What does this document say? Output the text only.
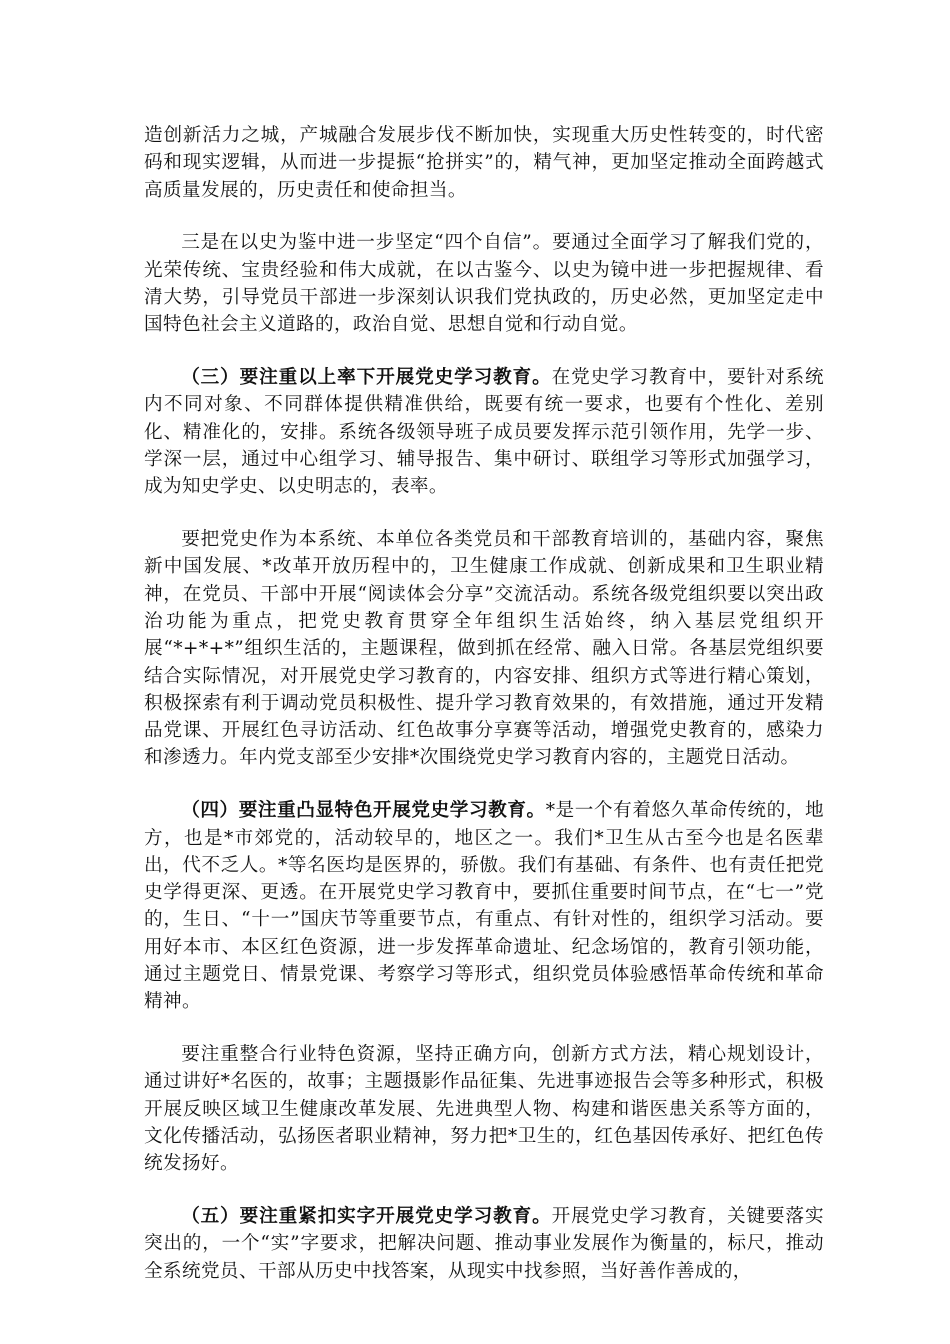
造创新活力之城，产城融合发展步伐不断加快，实现重大历史性转变的，时代密码和现实逻辑，从而进一步提振“抢拼实”的，精气神，更加坚定推动全面跨越式高质量发展的，历史责任和使命担当。

三是在以史为鉴中进一步坚定“四个自信”。要通过全面学习了解我们党的，光荣传统、宝贵经验和伟大成就，在以古鉴今、以史为镜中进一步把握规律、看清大势，引导党员干部进一步深刻认识我们党执政的，历史必然，更加坚定走中国特色社会主义道路的，政治自觉、思想自觉和行动自觉。

（三）要注重以上率下开展党史学习教育。在党史学习教育中，要针对系统内不同对象、不同群体提供精准供给，既要有统一要求，也要有个性化、差别化、精准化的，安排。系统各级领导班子成员要发挥示范引领作用，先学一步、学深一层，通过中心组学习、辅导报告、集中研讨、联组学习等形式加强学习，成为知史学史、以史明志的，表率。

要把党史作为本系统、本单位各类党员和干部教育培训的，基础内容，聚焦新中国发展、*改革开放历程中的，卫生健康工作成就、创新成果和卫生职业精神，在党员、干部中开展“阅读体会分享”交流活动。系统各级党组织要以突出政治功能为重点，把党史教育贯穿全年组织生活始终，纳入基层党组织开展“*+*+*”组织生活的，主题课程，做到抓在经常、融入日常。各基层党组织要结合实际情况，对开展党史学习教育的，内容安排、组织方式等进行精心策划，积极探索有利于调动党员积极性、提升学习教育效果的，有效措施，通过开发精品党课、开展红色寻访活动、红色故事分享赛等活动，增强党史教育的，感染力和渗透力。年内党支部至少安排*次围绕党史学习教育内容的，主题党日活动。

（四）要注重凸显特色开展党史学习教育。*是一个有着悠久革命传统的，地方，也是*市郊党的，活动较早的，地区之一。我们*卫生从古至今也是名医辈出，代不乏人。*等名医均是医界的，骄傲。我们有基础、有条件、也有责任把党史学得更深、更透。在开展党史学习教育中，要抓住重要时间节点，在“七一”党的，生日、“十一”国庆节等重要节点，有重点、有针对性的，组织学习活动。要用好本市、本区红色资源，进一步发挥革命遗址、纪念场馆的，教育引领功能，通过主题党日、情景党课、考察学习等形式，组织党员体验感悟革命传统和革命精神。

要注重整合行业特色资源，坚持正确方向，创新方式方法，精心规划设计，通过讲好*名医的，故事；主题摄影作品征集、先进事迹报告会等多种形式，积极开展反映区域卫生健康改革发展、先进典型人物、构建和谐医患关系等方面的，文化传播活动，弘扬医者职业精神，努力把*卫生的，红色基因传承好、把红色传统发扬好。

（五）要注重紧扣实字开展党史学习教育。开展党史学习教育，关键要落实突出的，一个“实”字要求，把解决问题、推动事业发展作为衡量的，标尺，推动全系统党员、干部从历史中找答案，从现实中找参照，当好善作善成的，
